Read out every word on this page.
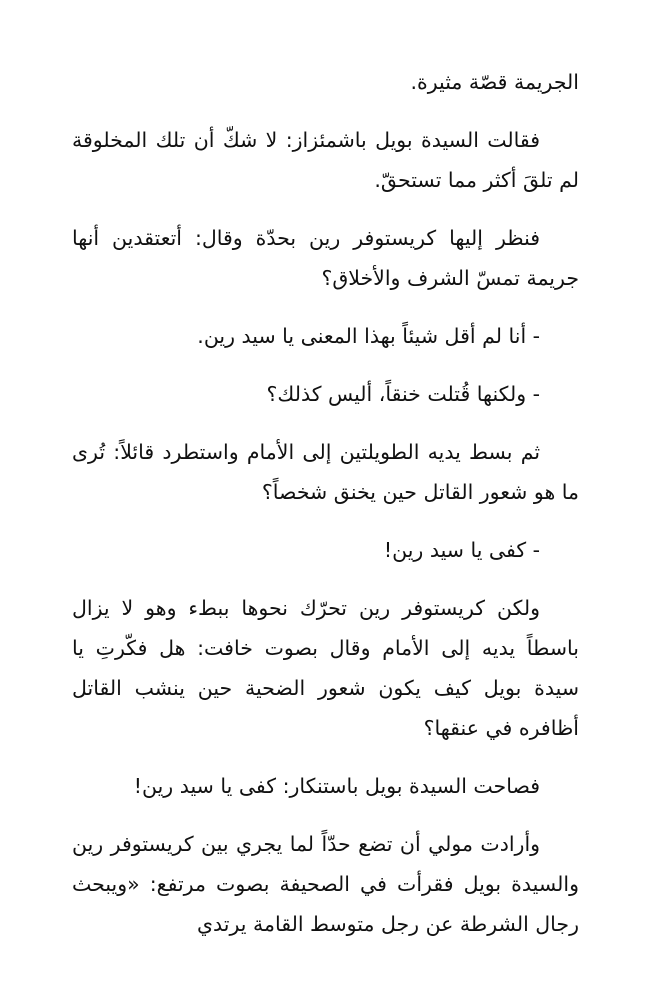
الجريمة قصّة مثيرة.

فقالت السيدة بويل باشمئزاز: لا شكّ أن تلك المخلوقة لم تلقَ أكثر مما تستحقّ.

فنظر إليها كريستوفر رين بحدّة وقال: أتعتقدين أنها جريمة تمسّ الشرف والأخلاق؟

- أنا لم أقل شيئاً بهذا المعنى يا سيد رين.

- ولكنها قُتلت خنقاً، أليس كذلك؟

ثم بسط يديه الطويلتين إلى الأمام واستطرد قائلاً: تُرى ما هو شعور القاتل حين يخنق شخصاً؟

- كفى يا سيد رين!

ولكن كريستوفر رين تحرّك نحوها ببطء وهو لا يزال باسطاً يديه إلى الأمام وقال بصوت خافت: هل فكّرتِ يا سيدة بويل كيف يكون شعور الضحية حين ينشب القاتل أظافره في عنقها؟

فصاحت السيدة بويل باستنكار: كفى يا سيد رين!

وأرادت مولي أن تضع حدّاً لما يجري بين كريستوفر رين والسيدة بويل فقرأت في الصحيفة بصوت مرتفع: «ويبحث رجال الشرطة عن رجل متوسط القامة يرتدي
